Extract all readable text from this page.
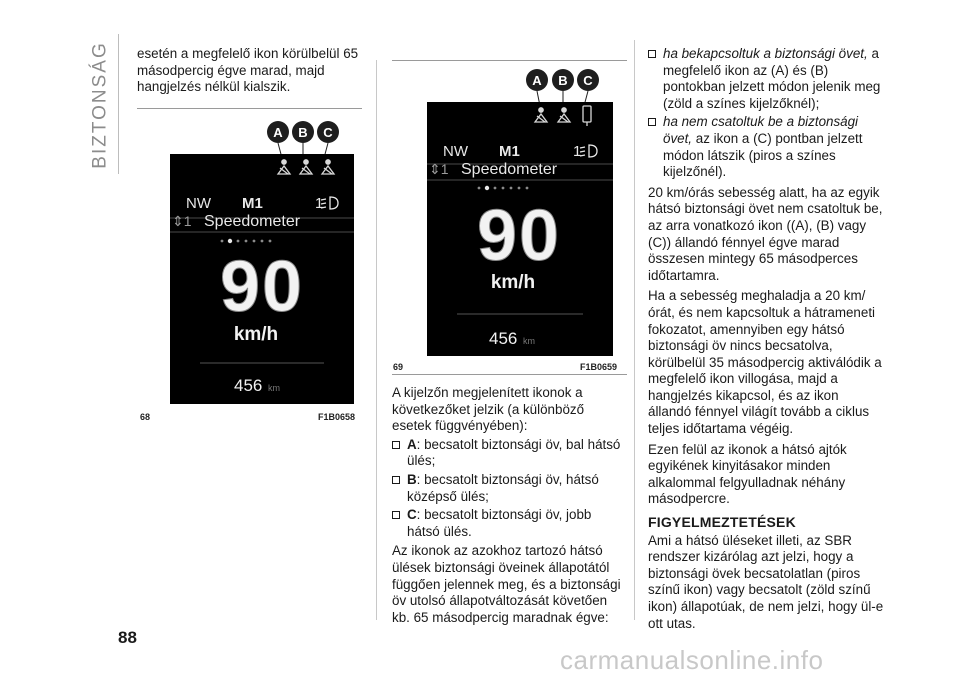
BIZTONSÁG esetén a megfelelő ikon körülbelül 65 másodpercig égve marad, majd hangjelzés nélkül kialszik.

A B C
NW M1	1
⇕1 Speedometer
90
km/h
456 km
68	F1B0658
A B C
NW M1	1
⇕1 Speedometer
90
km/h
456 km
69	F1B0659

A kijelzőn megjelenített ikonok a következőket jelzik (a különböző esetek függvényében):

A: becsatolt biztonsági öv, bal hátsó ülés;
B: becsatolt biztonsági öv, hátsó középső ülés;
C: becsatolt biztonsági öv, jobb hátsó ülés.

Az ikonok az azokhoz tartozó hátsó ülések biztonsági öveinek állapotától függően jelennek meg, és a biztonsági öv utolsó állapotváltozását követően kb. 65 másodpercig maradnak égve:

ha bekapcsoltuk a biztonsági övet, a megfelelő ikon az (A) és (B) pontokban jelzett módon jelenik meg (zöld a színes kijelzőknél);
ha nem csatoltuk be a biztonsági övet, az ikon a (C) pontban jelzett módon látszik (piros a színes kijelzőnél).

20 km/órás sebesség alatt, ha az egyik hátsó biztonsági övet nem csatoltuk be, az arra vonatkozó ikon ((A), (B) vagy (C)) állandó fénnyel égve marad összesen mintegy 65 másodperces időtartamra.

Ha a sebesség meghaladja a 20 km/órát, és nem kapcsoltuk a hátrameneti fokozatot, amennyiben egy hátsó biztonsági öv nincs becsatolva, körülbelül 35 másodpercig aktiválódik a megfelelő ikon villogása, majd a hangjelzés kikapcsol, és az ikon állandó fénnyel világít tovább a ciklus teljes időtartama végéig.

Ezen felül az ikonok a hátsó ajtók egyikének kinyitásakor minden alkalommal felgyulladnak néhány másodpercre.

FIGYELMEZTETÉSEK

Ami a hátsó üléseket illeti, az SBR rendszer kizárólag azt jelzi, hogy a biztonsági övek becsatolatlan (piros színű ikon) vagy becsatolt (zöld színű ikon) állapotúak, de nem jelzi, hogy ül-e ott utas.

88
carmanualsonline.info
